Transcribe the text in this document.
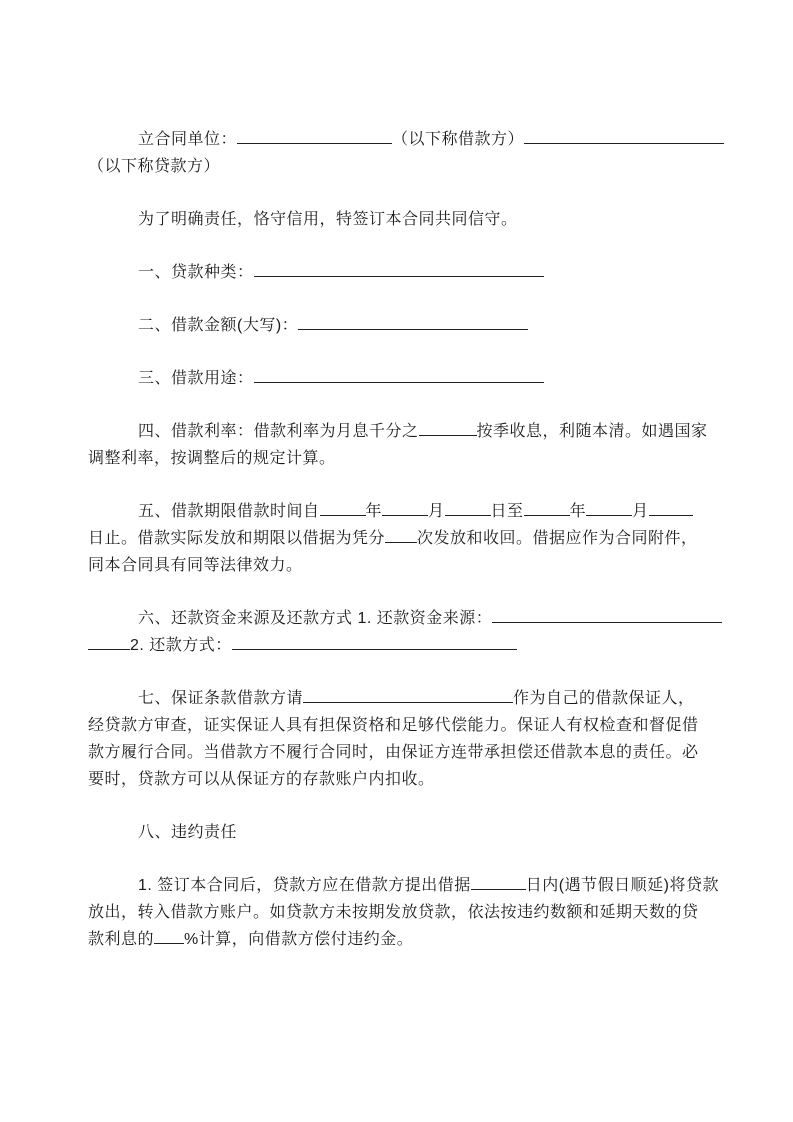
立合同单位：	（以下称借款方）
（以下称贷款方）
为了明确责任，恪守信用，特签订本合同共同信守。
一、贷款种类：
二、借款金额(大写)：
三、借款用途：
四、借款利率：借款利率为月息千分之	按季收息，利随本清。如遇国家
调整利率，按调整后的规定计算。
五、借款期限借款时间自	年	月	日至	年	月
日止。借款实际发放和期限以借据为凭分 次发放和收回。借据应作为合同附件，
同本合同具有同等法律效力。
六、还款资金来源及还款方式 1. 还款资金来源：
2. 还款方式：
七、保证条款借款方请	作为自己的借款保证人，
经贷款方审查，证实保证人具有担保资格和足够代偿能力。保证人有权检查和督促借
款方履行合同。当借款方不履行合同时，由保证方连带承担偿还借款本息的责任。必
要时，贷款方可以从保证方的存款账户内扣收。
八、违约责任
1. 签订本合同后，贷款方应在借款方提出借据	日内(遇节假日顺延)将贷款
放出，转入借款方账户。如贷款方未按期发放贷款，依法按违约数额和延期天数的贷
款利息的 %计算，向借款方偿付违约金。
